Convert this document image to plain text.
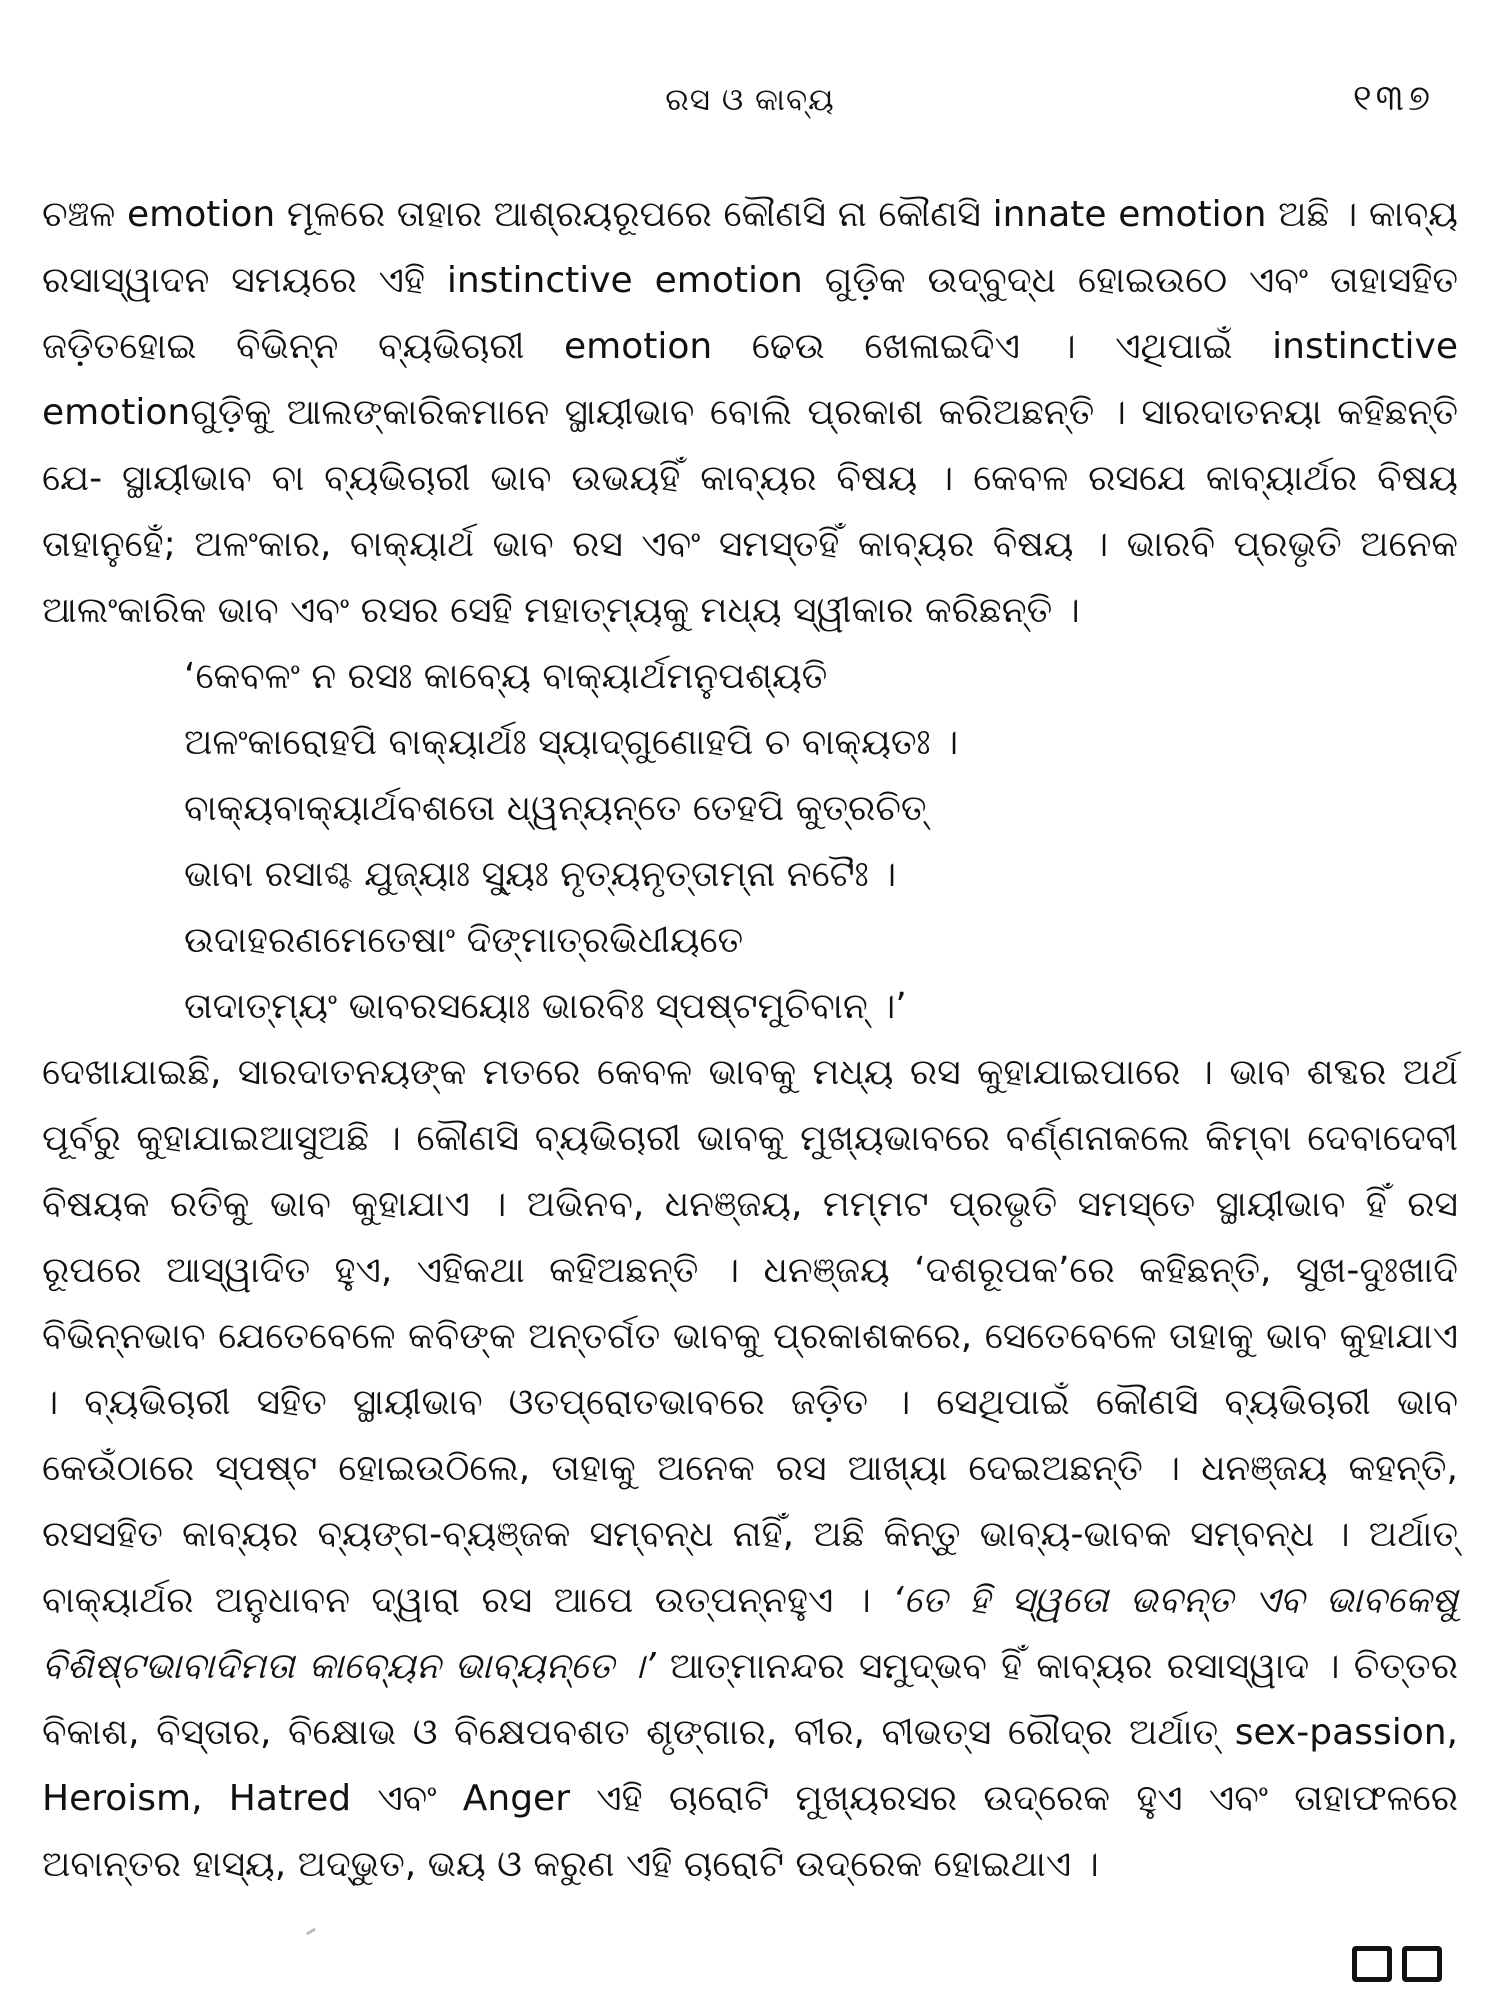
ରସ ଓ କାବ୍ୟ	୧୩୭

ଚଞ୍ଚଳ emotion ମୂଳରେ ତାହାର ଆଶ୍ରୟରୂପରେ କୌଣସି ନା କୌଣସି innate emotion ଅଛି । କାବ୍ୟ ରସାସ୍ୱାଦନ ସମୟରେ ଏହି instinctive emotion ଗୁଡ଼ିକ ଉଦ୍‌ବୁଦ୍ଧ ହୋଇଉଠେ ଏବଂ ତାହାସହିତ ଜଡ଼ିତହୋଇ ବିଭିନ୍ନ ବ୍ୟଭିଚାରୀ emotion ଢେଉ ଖେଳାଇଦିଏ । ଏଥିପାଇଁ instinctive emotionଗୁଡ଼ିକୁ ଆଲଙ୍କାରିକମାନେ ସ୍ଥାୟୀଭାବ ବୋଲି ପ୍ରକାଶ କରିଅଛନ୍ତି । ସାରଦାତନୟା କହିଛନ୍ତି ଯେ- ସ୍ଥାୟୀଭାବ ବା ବ୍ୟଭିଚାରୀ ଭାବ ଉଭୟହିଁ କାବ୍ୟର ବିଷୟ । କେବଳ ରସଯେ କାବ୍ୟାର୍ଥର ବିଷୟ ତାହାନୁହେଁ; ଅଳଂକାର, ବାକ୍ୟାର୍ଥ ଭାବ ରସ ଏବଂ ସମସ୍ତହିଁ କାବ୍ୟର ବିଷୟ । ଭାରବି ପ୍ରଭୃତି ଅନେକ ଆଲଂକାରିକ ଭାବ ଏବଂ ରସର ସେହି ମହାତ୍ମ୍ୟକୁ ମଧ୍ୟ ସ୍ୱୀକାର କରିଛନ୍ତି ।

‘କେବଳଂ ନ ରସଃ କାବ୍ୟେ ବାକ୍ୟାର୍ଥମନୁପଶ୍ୟତି
ଅଳଂକାରୋହପି ବାକ୍ୟାର୍ଥଃ ସ୍ୟାଦ୍‌ଗୁଣୋହପି ଚ ବାକ୍ୟତଃ ।
ବାକ୍ୟବାକ୍ୟାର୍ଥବଶତୋ ଧ୍ୱନ୍ୟନ୍ତେ ତେହପି କୁତ୍ରଚିତ୍
ଭାବା ରସାଶ୍ଚ ଯୁଜ୍ୟାଃ ସ୍ୟୁଃ ନୃତ୍ୟନୃତ୍ତାମ୍ନା ନଟୈଃ ।
ଉଦାହରଣମେତେଷାଂ ଦିଙ୍‌ମାତ୍ରଭିଧୀୟତେ
ତାଦାତ୍ମ୍ୟଂ ଭାବରସୟୋଃ ଭାରବିଃ ସ୍ପଷ୍ଟମୁଚିବାନ୍ ।’

ଦେଖାଯାଇଛି, ସାରଦାତନୟଙ୍କ ମତରେ କେବଳ ଭାବକୁ ମଧ୍ୟ ରସ କୁହାଯାଇପାରେ । ଭାବ ଶବ୍ଦର ଅର୍ଥ ପୂର୍ବରୁ କୁହାଯାଇଆସୁଅଛି । କୌଣସି ବ୍ୟଭିଚାରୀ ଭାବକୁ ମୁଖ୍ୟଭାବରେ ବର୍ଣ୍ଣନାକଲେ କିମ୍ବା ଦେବାଦେବୀ ବିଷୟକ ରତିକୁ ଭାବ କୁହାଯାଏ । ଅଭିନବ, ଧନଞ୍ଜୟ, ମମ୍ମଟ ପ୍ରଭୃତି ସମସ୍ତେ ସ୍ଥାୟୀଭାବ ହିଁ ରସ ରୂପରେ ଆସ୍ୱାଦିତ ହୁଏ, ଏହିକଥା କହିଅଛନ୍ତି । ଧନଞ୍ଜୟ ‘ଦଶରୂପକ’ରେ କହିଛନ୍ତି, ସୁଖ-ଦୁଃଖାଦି ବିଭିନ୍ନଭାବ ଯେତେବେଳେ କବିଙ୍କ ଅନ୍ତର୍ଗତ ଭାବକୁ ପ୍ରକାଶକରେ, ସେତେବେଳେ ତାହାକୁ ଭାବ କୁହାଯାଏ । ବ୍ୟଭିଚାରୀ ସହିତ ସ୍ଥାୟୀଭାବ ଓତପ୍ରୋତଭାବରେ ଜଡ଼ିତ । ସେଥିପାଇଁ କୌଣସି ବ୍ୟଭିଚାରୀ ଭାବ କେଉଁଠାରେ ସ୍ପଷ୍ଟ ହୋଇଉଠିଲେ, ତାହାକୁ ଅନେକ ରସ ଆଖ୍ୟା ଦେଇଅଛନ୍ତି । ଧନଞ୍ଜୟ କହନ୍ତି, ରସସହିତ କାବ୍ୟର ବ୍ୟଙ୍ଗ-ବ୍ୟଞ୍ଜକ ସମ୍ବନ୍ଧ ନାହିଁ, ଅଛି କିନ୍ତୁ ଭାବ୍ୟ-ଭାବକ ସମ୍ବନ୍ଧ । ଅର୍ଥାତ୍ ବାକ୍ୟାର୍ଥର ଅନୁଧାବନ ଦ୍ୱାରା ରସ ଆପେ ଉତ୍ପନ୍ନହୁଏ । ‘ତେ ହି ସ୍ୱତୋ ଭବନ୍ତ ଏବ ଭାବକେଷୁ ବିଶିଷ୍ଟଭାବାଦିମତା କାବ୍ୟେନ ଭାବ୍ୟନ୍ତେ ।’ ଆତ୍ମାନନ୍ଦର ସମୁଦ୍ଭବ ହିଁ କାବ୍ୟର ରସାସ୍ୱାଦ । ଚିତ୍ତର ବିକାଶ, ବିସ୍ତାର, ବିକ୍ଷୋଭ ଓ ବିକ୍ଷେପବଶତ ଶୃଙ୍ଗାର, ବୀର, ବୀଭତ୍ସ ରୌଦ୍ର ଅର୍ଥାତ୍ sex-passion, Heroism, Hatred ଏବଂ Anger ଏହି ଚାରୋଟି ମୁଖ୍ୟରସର ଉଦ୍ରେକ ହୁଏ ଏବଂ ତାହାଫଳରେ ଅବାନ୍ତର ହାସ୍ୟ, ଅଦ୍ଭୁତ, ଭୟ ଓ କରୁଣ ଏହି ଚାରୋଟି ଉଦ୍ରେକ ହୋଇଥାଏ ।
